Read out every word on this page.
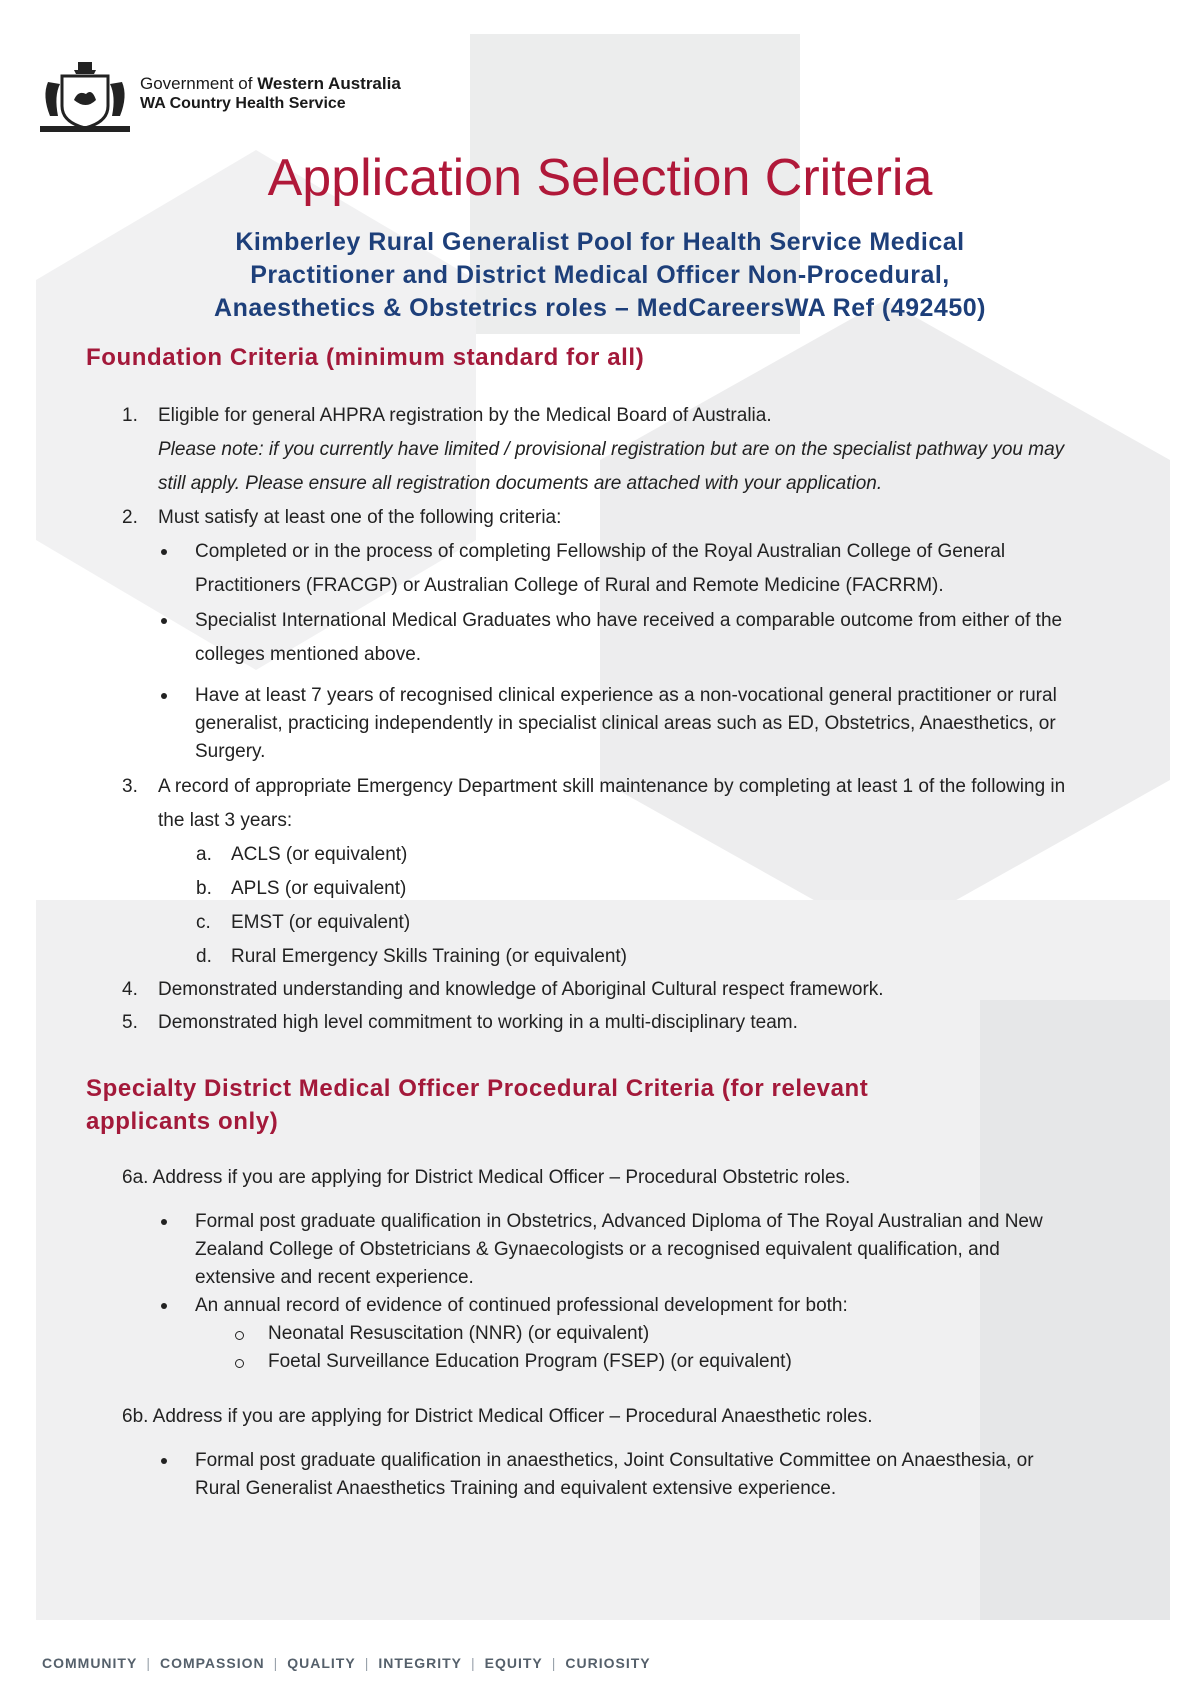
Government of Western Australia
WA Country Health Service
Application Selection Criteria
Kimberley Rural Generalist Pool for Health Service Medical
Practitioner and District Medical Officer Non-Procedural,
Anaesthetics & Obstetrics roles – MedCareersWA Ref (492450)
Foundation Criteria (minimum standard for all)
1. Eligible for general AHPRA registration by the Medical Board of Australia.
Please note: if you currently have limited / provisional registration but are on the specialist pathway you may
still apply. Please ensure all registration documents are attached with your application.
2. Must satisfy at least one of the following criteria:
Completed or in the process of completing Fellowship of the Royal Australian College of General
Practitioners (FRACGP) or Australian College of Rural and Remote Medicine (FACRRM).
Specialist International Medical Graduates who have received a comparable outcome from either of the
colleges mentioned above.
Have at least 7 years of recognised clinical experience as a non-vocational general practitioner or rural
generalist, practicing independently in specialist clinical areas such as ED, Obstetrics, Anaesthetics, or
Surgery.
3. A record of appropriate Emergency Department skill maintenance by completing at least 1 of the following in
the last 3 years:
a. ACLS (or equivalent)
b. APLS (or equivalent)
c. EMST (or equivalent)
d. Rural Emergency Skills Training (or equivalent)
4. Demonstrated understanding and knowledge of Aboriginal Cultural respect framework.
5. Demonstrated high level commitment to working in a multi-disciplinary team.
Specialty District Medical Officer Procedural Criteria (for relevant
applicants only)
6a. Address if you are applying for District Medical Officer – Procedural Obstetric roles.
Formal post graduate qualification in Obstetrics, Advanced Diploma of The Royal Australian and New
Zealand College of Obstetricians & Gynaecologists or a recognised equivalent qualification, and
extensive and recent experience.
An annual record of evidence of continued professional development for both:
Neonatal Resuscitation (NNR) (or equivalent)
Foetal Surveillance Education Program (FSEP) (or equivalent)
6b. Address if you are applying for District Medical Officer – Procedural Anaesthetic roles.
Formal post graduate qualification in anaesthetics, Joint Consultative Committee on Anaesthesia, or
Rural Generalist Anaesthetics Training and equivalent extensive experience.
COMMUNITY | COMPASSION | QUALITY | INTEGRITY | EQUITY | CURIOSITY
